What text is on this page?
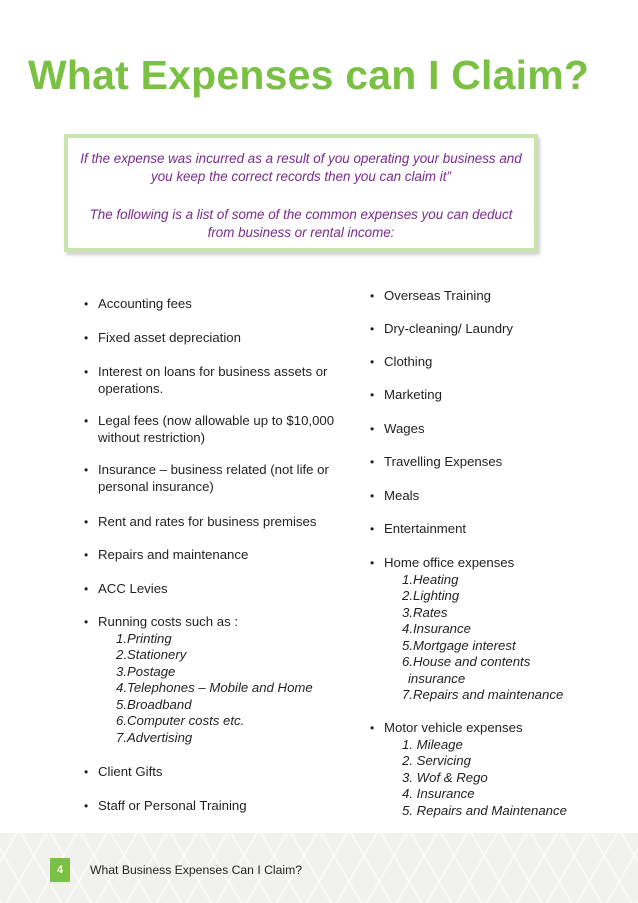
What Expenses can I Claim?

If the expense was incurred as a result of you operating your business and you keep the correct records then you can claim it”

The following is a list of some of the common expenses you can deduct from business or rental income:

• Accounting fees
• Fixed asset depreciation
• Interest on loans for business assets or operations.
• Legal fees (now allowable up to $10,000 without restriction)
• Insurance – business related (not life or personal insurance)
• Rent and rates for business premises
• Repairs and maintenance
• ACC Levies
• Running costs such as :
1.Printing
2.Stationery
3.Postage
4.Telephones – Mobile and Home
5.Broadband
6.Computer costs etc.
7.Advertising
• Client Gifts
• Staff or Personal Training
• Overseas Training
• Dry-cleaning/ Laundry
• Clothing
• Marketing
• Wages
• Travelling Expenses
• Meals
• Entertainment
• Home office expenses
1.Heating
2.Lighting
3.Rates
4.Insurance
5.Mortgage interest
6.House and contents
insurance
7.Repairs and maintenance
• Motor vehicle expenses
1. Mileage
2. Servicing
3. Wof & Rego
4. Insurance
5. Repairs and Maintenance
4	What Business Expenses Can I Claim?
